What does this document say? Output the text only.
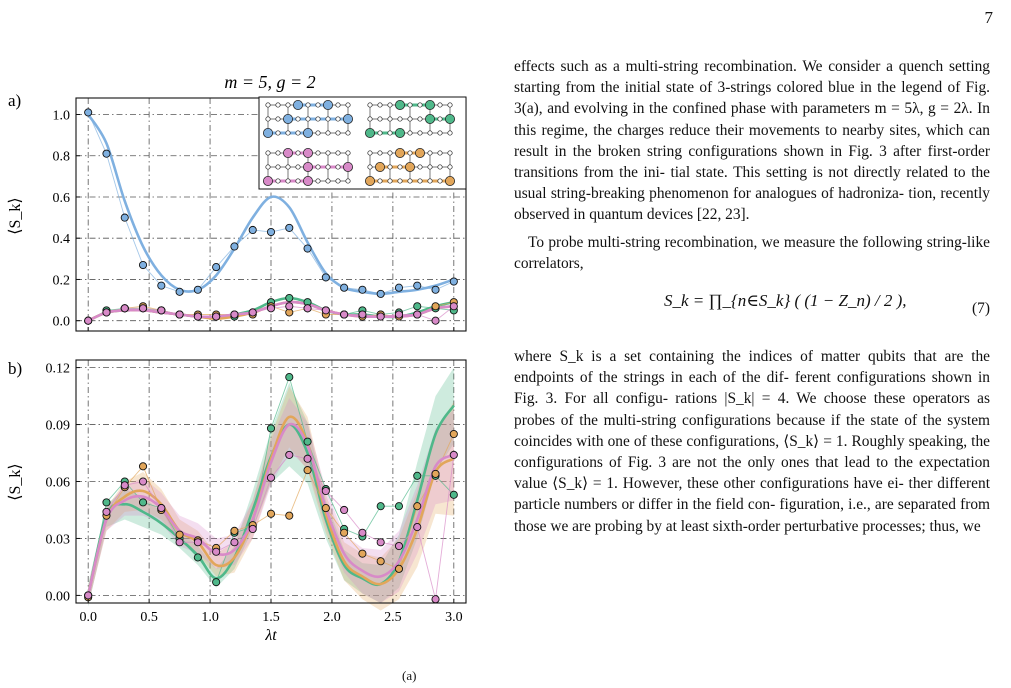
7
a)
m = 5, g = 2
0.0
0.2
0.4
0.6
0.8
1.0
⟨S_k⟩
b)
0.00
0.03
0.06
0.09
0.12
0.0	0.5	1.0	1.5	2.0	2.5	3.0
⟨S_k⟩
λt
(a)

effects such as a multi-string recombination. We consider a quench setting starting from the initial state of 3-strings colored blue in the legend of Fig. 3(a), and evolving in the confined phase with parameters m = 5λ, g = 2λ. In this regime, the charges reduce their movements to nearby sites, which can result in the broken string configurations shown in Fig. 3 after first-order transitions from the ini- tial state. This setting is not directly related to the usual string-breaking phenomenon for analogues of hadroniza- tion, recently observed in quantum devices [22, 23].

To probe multi-string recombination, we measure the following string-like correlators,

S_k = ∏_{n∈S_k} ( (1 − Z_n) / 2 ),	(7)

where S_k is a set containing the indices of matter qubits that are the endpoints of the strings in each of the dif- ferent configurations shown in Fig. 3. For all configu- rations |S_k| = 4. We choose these operators as probes of the multi-string configurations because if the state of the system coincides with one of these configurations, ⟨S_k⟩ = 1. Roughly speaking, the configurations of Fig. 3 are not the only ones that lead to the expectation value ⟨S_k⟩ = 1. However, these other configurations have ei- ther different particle numbers or differ in the field con- figuration, i.e., are separated from those we are probing by at least sixth-order perturbative processes; thus, we
